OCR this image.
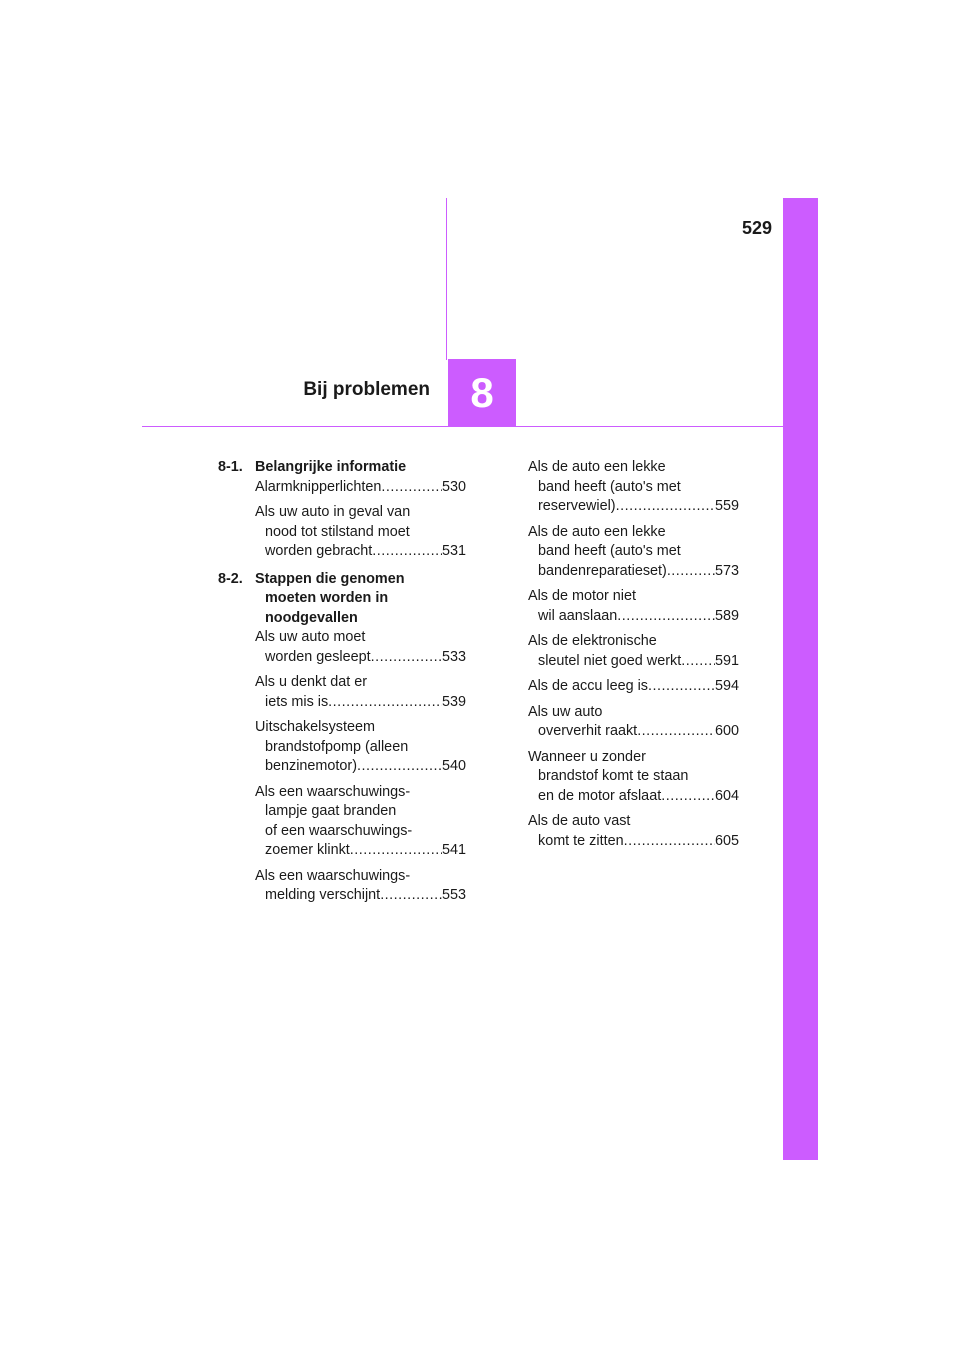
529
Bij problemen 8
8-1. Belangrijke informatie
Alarmknipperlichten .....	530
Als uw auto in geval van
nood tot stilstand moet
worden gebracht .....	531
8-2. Stappen die genomen
moeten worden in
noodgevallen
Als uw auto moet
worden gesleept .....	533
Als u denkt dat er
iets mis is .....	539
Uitschakelsysteem
brandstofpomp (alleen
benzinemotor) .....	540
Als een waarschuwings-
lampje gaat branden
of een waarschuwings-
zoemer klinkt .....	541
Als een waarschuwings-
melding verschijnt .....	553
Als de auto een lekke
band heeft (auto's met
reservewiel) .....	559
Als de auto een lekke
band heeft (auto's met
bandenreparatieset) .....	573
Als de motor niet
wil aanslaan .....	589
Als de elektronische
sleutel niet goed werkt ..... 591
Als de accu leeg is .....	594
Als uw auto
oververhit raakt .....	600
Wanneer u zonder
brandstof komt te staan
en de motor afslaat .....	604
Als de auto vast
komt te zitten .....	605
